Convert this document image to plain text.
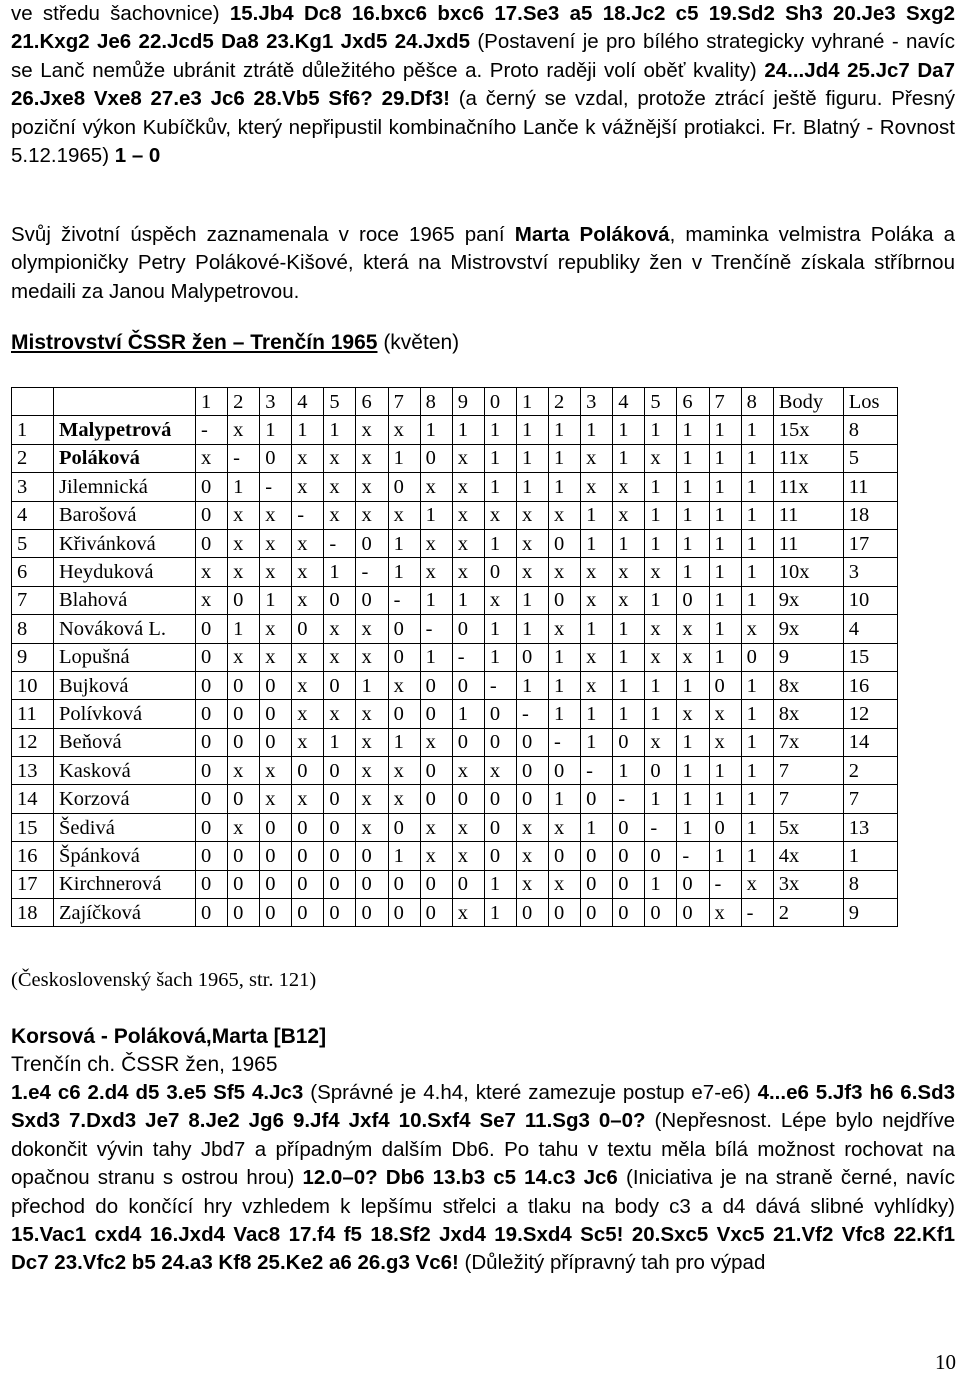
ve středu šachovnice) 15.Jb4 Dc8 16.bxc6 bxc6 17.Se3 a5 18.Jc2 c5 19.Sd2 Sh3 20.Je3 Sxg2 21.Kxg2 Je6 22.Jcd5 Da8 23.Kg1 Jxd5 24.Jxd5 (Postavení je pro bílého strategicky vyhrané - navíc se Lanč nemůže ubránit ztrátě důležitého pěšce a. Proto raději volí oběť kvality) 24...Jd4 25.Jc7 Da7 26.Jxe8 Vxe8 27.e3 Jc6 28.Vb5 Sf6? 29.Df3! (a černý se vzdal, protože ztrácí ještě figuru. Přesný poziční výkon Kubíčkův, který nepřipustil kombinačního Lanče k vážnější protiakci. Fr. Blatný - Rovnost 5.12.1965) 1 – 0

Svůj životní úspěch zaznamenala v roce 1965 paní Marta Poláková, maminka velmistra Poláka a olympioničky Petry Polákové-Kišové, která na Mistrovství republiky žen v Trenčíně získala stříbrnou medaili za Janou Malypetrovou.

Mistrovství ČSSR žen – Trenčín 1965 (květen)
		1	2	3	4	5	6	7	8	9	0	1	2	3	4	5	6	7	8	Body	Los
1	Malypetrová	-	x	1	1	1	x	x	1	1	1	1	1	1	1	1	1	1	1	15x	8
2	Poláková	x	-	0	x	x	x	1	0	x	1	1	1	x	1	x	1	1	1	11x	5
3	Jilemnická	0	1	-	x	x	x	0	x	x	1	1	1	x	x	1	1	1	1	11x	11
4	Barošová	0	x	x	-	x	x	x	1	x	x	x	x	1	x	1	1	1	1	11	18
5	Křivánková	0	x	x	x	-	0	1	x	x	1	x	0	1	1	1	1	1	1	11	17
6	Heyduková	x	x	x	x	1	-	1	x	x	0	x	x	x	x	x	1	1	1	10x	3
7	Blahová	x	0	1	x	0	0	-	1	1	x	1	0	x	x	1	0	1	1	9x	10
8	Nováková L.	0	1	x	0	x	x	0	-	0	1	1	x	1	1	x	x	1	x	9x	4
9	Lopušná	0	x	x	x	x	x	0	1	-	1	0	1	x	1	x	x	1	0	9	15
10	Bujková	0	0	0	x	0	1	x	0	0	-	1	1	x	1	1	1	0	1	8x	16
11	Polívková	0	0	0	x	x	x	0	0	1	0	-	1	1	1	1	x	x	1	8x	12
12	Beňová	0	0	0	x	1	x	1	x	0	0	0	-	1	0	x	1	x	1	7x	14
13	Kasková	0	x	x	0	0	x	x	0	x	x	0	0	-	1	0	1	1	1	7	2
14	Korzová	0	0	x	x	0	x	x	0	0	0	0	1	0	-	1	1	1	1	7	7
15	Šedivá	0	x	0	0	0	x	0	x	x	0	x	x	1	0	-	1	0	1	5x	13
16	Špánková	0	0	0	0	0	0	1	x	x	0	x	0	0	0	0	-	1	1	4x	1
17	Kirchnerová	0	0	0	0	0	0	0	0	0	1	x	x	0	0	1	0	-	x	3x	8
18	Zajíčková	0	0	0	0	0	0	0	0	x	1	0	0	0	0	0	0	x	-	2	9
(Československý šach 1965, str. 121)
Korsová - Poláková,Marta [B12]
Trenčín ch. ČSSR žen, 1965

1.e4 c6 2.d4 d5 3.e5 Sf5 4.Jc3 (Správné je 4.h4, které zamezuje postup e7-e6) 4...e6 5.Jf3 h6 6.Sd3 Sxd3 7.Dxd3 Je7 8.Je2 Jg6 9.Jf4 Jxf4 10.Sxf4 Se7 11.Sg3 0–0? (Nepřesnost. Lépe bylo nejdříve dokončit vývin tahy Jbd7 a případným dalším Db6. Po tahu v textu měla bílá možnost rochovat na opačnou stranu s ostrou hrou) 12.0–0? Db6 13.b3 c5 14.c3 Jc6 (Iniciativa je na straně černé, navíc přechod do končící hry vzhledem k lepšímu střelci a tlaku na body c3 a d4 dává slibné vyhlídky) 15.Vac1 cxd4 16.Jxd4 Vac8 17.f4 f5 18.Sf2 Jxd4 19.Sxd4 Sc5! 20.Sxc5 Vxc5 21.Vf2 Vfc8 22.Kf1 Dc7 23.Vfc2 b5 24.a3 Kf8 25.Ke2 a6 26.g3 Vc6! (Důležitý přípravný tah pro výpad

10
